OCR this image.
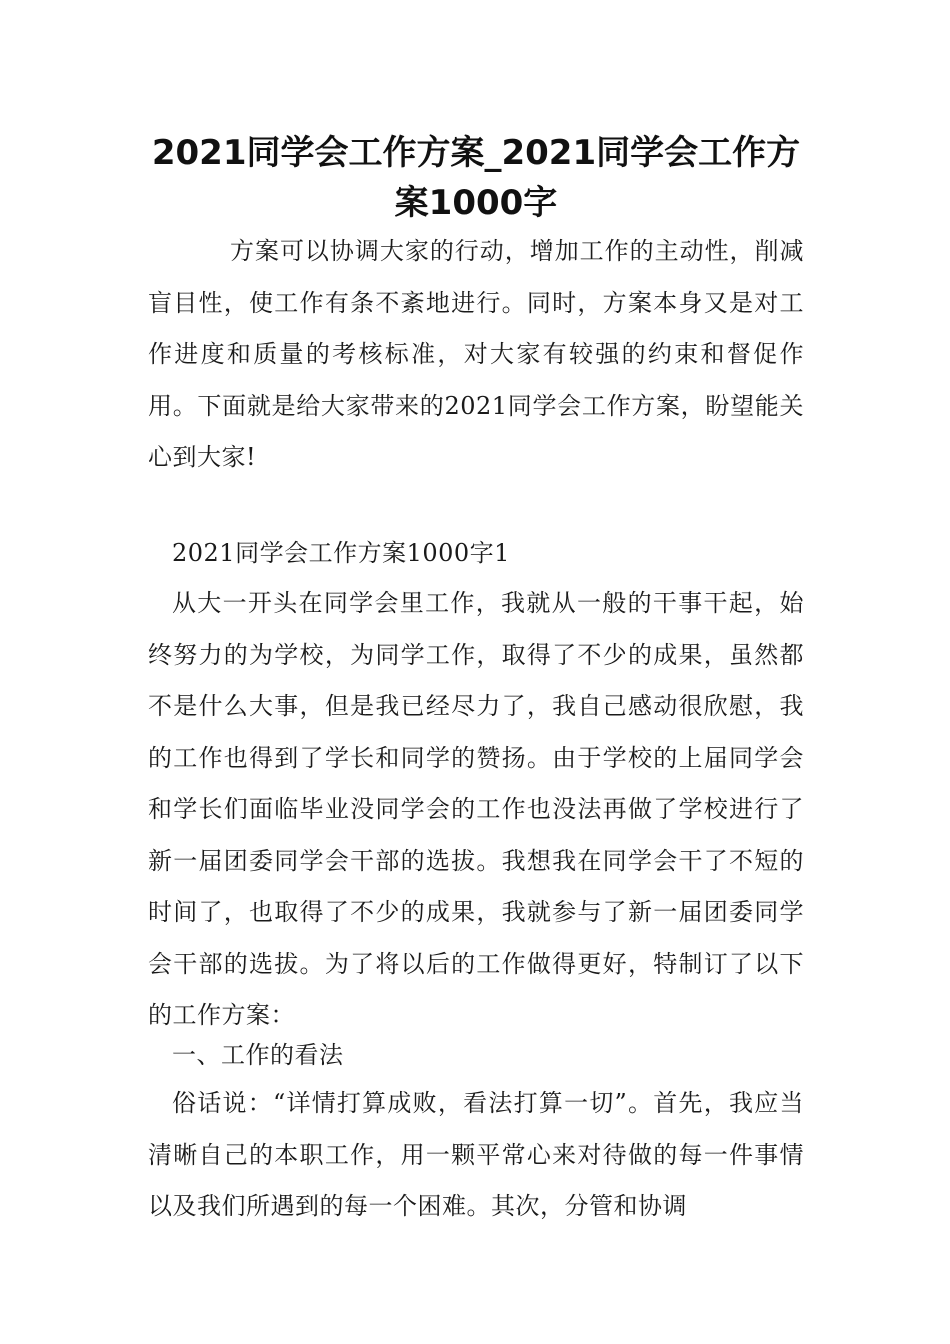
2021同学会工作方案_2021同学会工作方案1000字

方案可以协调大家的行动，增加工作的主动性，削减盲目性，使工作有条不紊地进行。同时，方案本身又是对工作进度和质量的考核标准，对大家有较强的约束和督促作用。下面就是给大家带来的2021同学会工作方案，盼望能关心到大家!

2021同学会工作方案1000字1

从大一开头在同学会里工作，我就从一般的干事干起，始终努力的为学校，为同学工作，取得了不少的成果，虽然都不是什么大事，但是我已经尽力了，我自己感动很欣慰，我的工作也得到了学长和同学的赞扬。由于学校的上届同学会和学长们面临毕业没同学会的工作也没法再做了学校进行了新一届团委同学会干部的选拔。我想我在同学会干了不短的时间了，也取得了不少的成果，我就参与了新一届团委同学会干部的选拔。为了将以后的工作做得更好，特制订了以下的工作方案：

一、工作的看法

俗话说：“详情打算成败，看法打算一切”。首先，我应当清晰自己的本职工作，用一颗平常心来对待做的每一件事情以及我们所遇到的每一个困难。其次，分管和协调
